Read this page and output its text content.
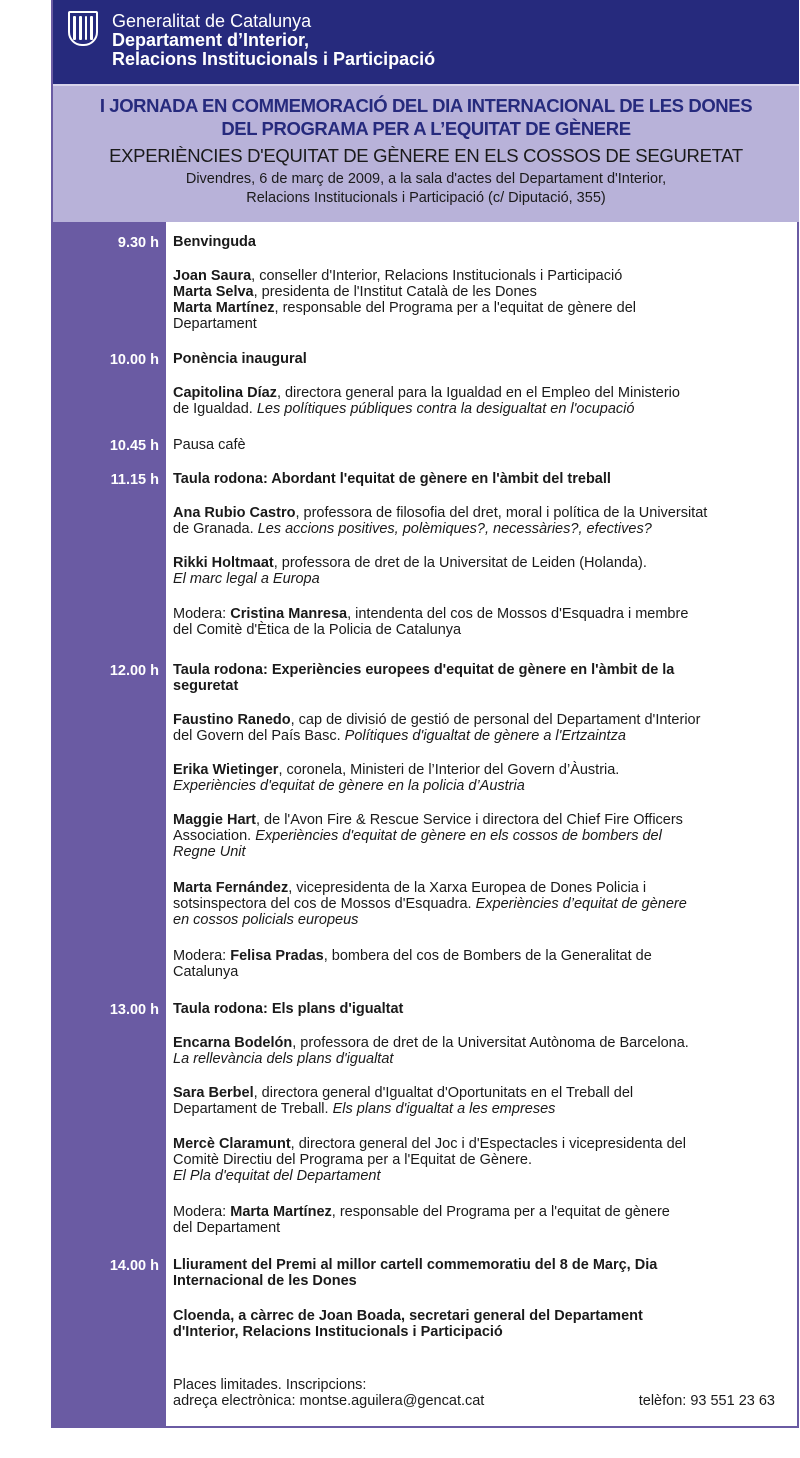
Generalitat de Catalunya
Departament d’Interior,
Relacions Institucionals i Participació
I JORNADA EN COMMEMORACIÓ DEL DIA INTERNACIONAL DE LES DONES
DEL PROGRAMA PER A L’EQUITAT DE GÈNERE
EXPERIÈNCIES D'EQUITAT DE GÈNERE EN ELS COSSOS DE SEGURETAT
Divendres, 6 de març de 2009, a la sala d'actes del Departament d'Interior,
Relacions Institucionals i Participació (c/ Diputació, 355)
9.30 h
10.00 h
10.45 h
11.15 h
12.00 h
13.00 h
14.00 h
Benvinguda
Joan Saura, conseller d'Interior, Relacions Institucionals i Participació
Marta Selva, presidenta de l'Institut Català de les Dones
Marta Martínez, responsable del Programa per a l'equitat de gènere del
Departament
Ponència inaugural
Capitolina Díaz, directora general para la Igualdad en el Empleo del Ministerio
de Igualdad. Les polítiques públiques contra la desigualtat en l'ocupació
Pausa cafè
Taula rodona: Abordant l'equitat de gènere en l'àmbit del treball
Ana Rubio Castro, professora de filosofia del dret, moral i política de la Universitat
de Granada. Les accions positives, polèmiques?, necessàries?, efectives?
Rikki Holtmaat, professora de dret de la Universitat de Leiden (Holanda).
El marc legal a Europa
Modera: Cristina Manresa, intendenta del cos de Mossos d'Esquadra i membre
del Comitè d'Ètica de la Policia de Catalunya
Taula rodona: Experiències europees d'equitat de gènere en l'àmbit de la
seguretat
Faustino Ranedo, cap de divisió de gestió de personal del Departament d'Interior
del Govern del País Basc. Polítiques d'igualtat de gènere a l'Ertzaintza
Erika Wietinger, coronela, Ministeri de l’Interior del Govern d’Àustria.
Experiències d'equitat de gènere en la policia d’Austria
Maggie Hart, de l'Avon Fire & Rescue Service i directora del Chief Fire Officers
Association. Experiències d'equitat de gènere en els cossos de bombers del
Regne Unit
Marta Fernández, vicepresidenta de la Xarxa Europea de Dones Policia i
sotsinspectora del cos de Mossos d'Esquadra. Experiències d’equitat de gènere
en cossos policials europeus
Modera: Felisa Pradas, bombera del cos de Bombers de la Generalitat de
Catalunya
Taula rodona: Els plans d'igualtat
Encarna Bodelón, professora de dret de la Universitat Autònoma de Barcelona.
La rellevància dels plans d'igualtat
Sara Berbel, directora general d'Igualtat d'Oportunitats en el Treball del
Departament de Treball. Els plans d'igualtat a les empreses
Mercè Claramunt, directora general del Joc i d'Espectacles i vicepresidenta del
Comitè Directiu del Programa per a l'Equitat de Gènere.
El Pla d'equitat del Departament
Modera: Marta Martínez, responsable del Programa per a l'equitat de gènere
del Departament
Lliurament del Premi al millor cartell commemoratiu del 8 de Març, Dia
Internacional de les Dones
Cloenda, a càrrec de Joan Boada, secretari general del Departament
d'Interior, Relacions Institucionals i Participació
Places limitades. Inscripcions:
adreça electrònica: montse.aguilera@gencat.cat	telèfon: 93 551 23 63
